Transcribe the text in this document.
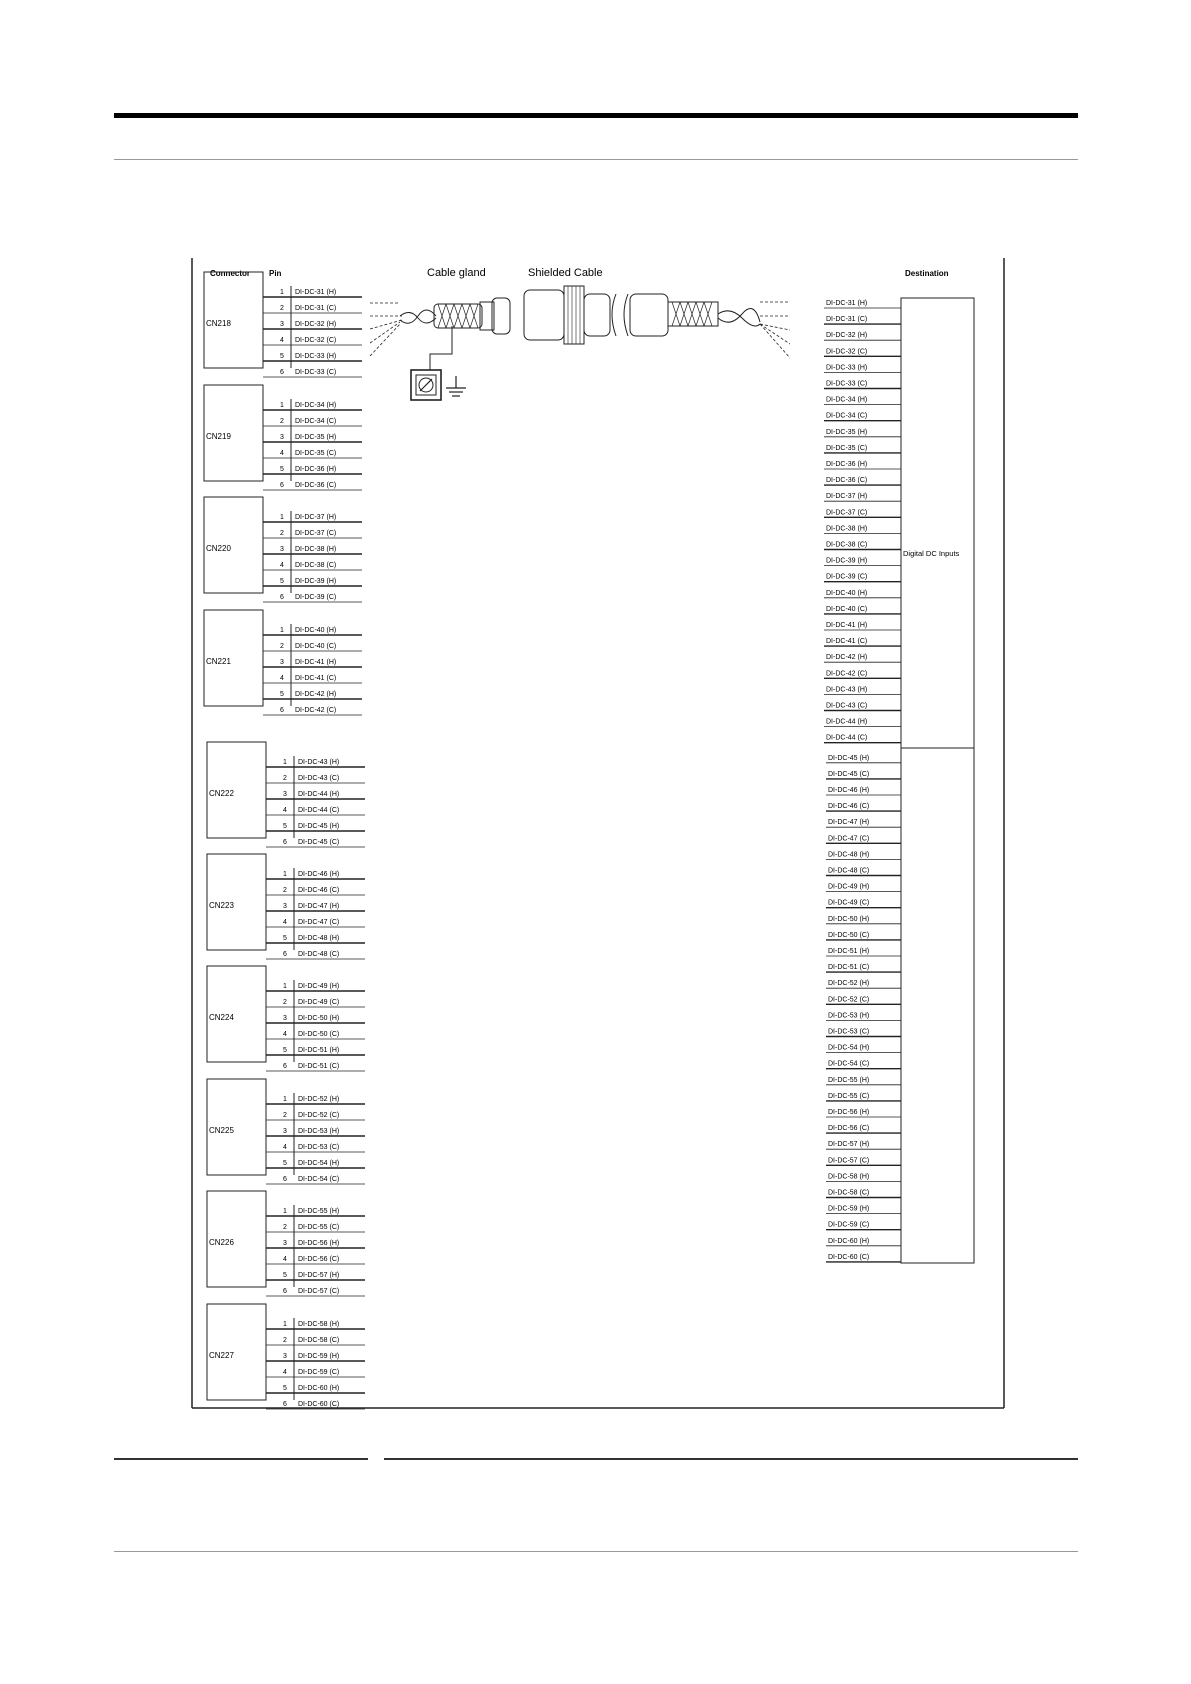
Connector Pin	Cable gland	Shielded Cable	Destination
CN218
1 DI-DC-31 (H)
2 DI-DC-31 (C)
3 DI-DC-32 (H)
4 DI-DC-32 (C)
5 DI-DC-33 (H)
6 DI-DC-33 (C)
CN219
1 DI-DC-34 (H)
2 DI-DC-34 (C)
3 DI-DC-35 (H)
4 DI-DC-35 (C)
5 DI-DC-36 (H)
6 DI-DC-36 (C)
CN220
1 DI-DC-37 (H)
2 DI-DC-37 (C)
3 DI-DC-38 (H)
4 DI-DC-38 (C)
5 DI-DC-39 (H)
6 DI-DC-39 (C)
CN221
1 DI-DC-40 (H)
2 DI-DC-40 (C)
3 DI-DC-41 (H)
4 DI-DC-41 (C)
5 DI-DC-42 (H)
6 DI-DC-42 (C)
CN222
1 DI-DC-43 (H)
2 DI-DC-43 (C)
3 DI-DC-44 (H)
4 DI-DC-44 (C)
5 DI-DC-45 (H)
6 DI-DC-45 (C)
CN223
1 DI-DC-46 (H)
2 DI-DC-46 (C)
3 DI-DC-47 (H)
4 DI-DC-47 (C)
5 DI-DC-48 (H)
6 DI-DC-48 (C)
CN224
1 DI-DC-49 (H)
2 DI-DC-49 (C)
3 DI-DC-50 (H)
4 DI-DC-50 (C)
5 DI-DC-51 (H)
6 DI-DC-51 (C)
CN225
1 DI-DC-52 (H)
2 DI-DC-52 (C)
3 DI-DC-53 (H)
4 DI-DC-53 (C)
5 DI-DC-54 (H)
6 DI-DC-54 (C)
CN226
1 DI-DC-55 (H)
2 DI-DC-55 (C)
3 DI-DC-56 (H)
4 DI-DC-56 (C)
5 DI-DC-57 (H)
6 DI-DC-57 (C)
CN227
1 DI-DC-58 (H)
2 DI-DC-58 (C)
3 DI-DC-59 (H)
4 DI-DC-59 (C)
5 DI-DC-60 (H)
6 DI-DC-60 (C)
DI-DC-31 (H)
DI-DC-31 (C)
DI-DC-32 (H)
DI-DC-32 (C)
DI-DC-33 (H)
DI-DC-33 (C)
DI-DC-34 (H)
DI-DC-34 (C)
DI-DC-35 (H)
DI-DC-35 (C)
DI-DC-36 (H)
DI-DC-36 (C)
DI-DC-37 (H)
DI-DC-37 (C)
DI-DC-38 (H)
DI-DC-38 (C)
DI-DC-39 (H)
DI-DC-39 (C)
DI-DC-40 (H)
DI-DC-40 (C)
DI-DC-41 (H)
DI-DC-41 (C)
DI-DC-42 (H)
DI-DC-42 (C)
DI-DC-43 (H)
DI-DC-43 (C)
DI-DC-44 (H)
DI-DC-44 (C)
DI-DC-45 (H)
DI-DC-45 (C)
DI-DC-46 (H)
DI-DC-46 (C)
DI-DC-47 (H)
DI-DC-47 (C)
DI-DC-48 (H)
DI-DC-48 (C)
DI-DC-49 (H)
DI-DC-49 (C)
DI-DC-50 (H)
DI-DC-50 (C)
DI-DC-51 (H)
DI-DC-51 (C)
DI-DC-52 (H)
DI-DC-52 (C)
DI-DC-53 (H)
DI-DC-53 (C)
DI-DC-54 (H)
DI-DC-54 (C)
DI-DC-55 (H)
DI-DC-55 (C)
DI-DC-56 (H)
DI-DC-56 (C)
DI-DC-57 (H)
DI-DC-57 (C)
DI-DC-58 (H)
DI-DC-58 (C)
DI-DC-59 (H)
DI-DC-59 (C)
DI-DC-60 (H)
DI-DC-60 (C)
Digital DC Inputs
